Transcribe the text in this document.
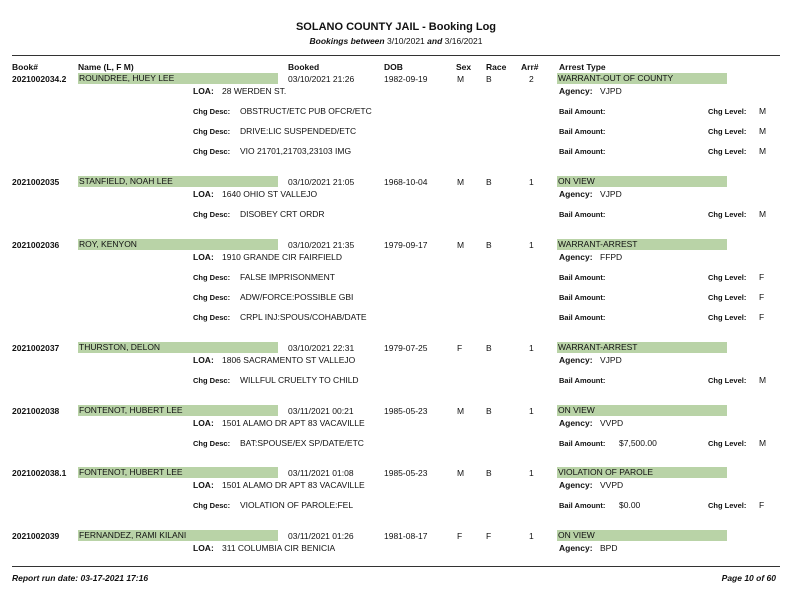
SOLANO COUNTY JAIL - Booking Log
Bookings between 3/10/2021 and 3/16/2021
Book#	Name (L, F M)	Booked	DOB	Sex Race Arr# Arrest Type
2021002034.2 ROUNDREE, HUEY LEE	03/10/2021 21:26	1982-09-19	M	B	2	WARRANT-OUT OF COUNTY
LOA: 28 WERDEN ST.	Agency: VJPD
Chg Desc: OBSTRUCT/ETC PUB OFCR/ETC	Bail Amount:	Chg Level: M
Chg Desc: DRIVE:LIC SUSPENDED/ETC	Bail Amount:	Chg Level: M
Chg Desc: VIO 21701,21703,23103 IMG	Bail Amount:	Chg Level: M
2021002035 STANFIELD, NOAH LEE	03/10/2021 21:05	1968-10-04	M	B	1	ON VIEW
LOA: 1640 OHIO ST VALLEJO	Agency: VJPD
Chg Desc: DISOBEY CRT ORDR	Bail Amount:	Chg Level: M
2021002036 ROY, KENYON	03/10/2021 21:35	1979-09-17	M	B	1	WARRANT-ARREST
LOA: 1910 GRANDE CIR FAIRFIELD	Agency: FFPD
Chg Desc: FALSE IMPRISONMENT	Bail Amount:	Chg Level: F
Chg Desc: ADW/FORCE:POSSIBLE GBI	Bail Amount:	Chg Level: F
Chg Desc: CRPL INJ:SPOUS/COHAB/DATE	Bail Amount:	Chg Level: F
2021002037 THURSTON, DELON	03/10/2021 22:31	1979-07-25	F	B	1	WARRANT-ARREST
LOA: 1806 SACRAMENTO ST VALLEJO	Agency: VJPD
Chg Desc: WILLFUL CRUELTY TO CHILD	Bail Amount:	Chg Level: M
2021002038 FONTENOT, HUBERT LEE	03/11/2021 00:21	1985-05-23	M	B	1	ON VIEW
LOA: 1501 ALAMO DR APT 83 VACAVILLE	Agency: VVPD
Chg Desc: BAT:SPOUSE/EX SP/DATE/ETC	Bail Amount: $7,500.00	Chg Level: M
2021002038.1 FONTENOT, HUBERT LEE	03/11/2021 01:08	1985-05-23	M	B	1	VIOLATION OF PAROLE
LOA: 1501 ALAMO DR APT 83 VACAVILLE	Agency: VVPD
Chg Desc: VIOLATION OF PAROLE:FEL	Bail Amount: $0.00	Chg Level: F
2021002039 FERNANDEZ, RAMI KILANI	03/11/2021 01:26	1981-08-17	F	F	1	ON VIEW
LOA: 311 COLUMBIA CIR BENICIA	Agency: BPD
Report run date: 03-17-2021 17:16	Page 10 of 60
